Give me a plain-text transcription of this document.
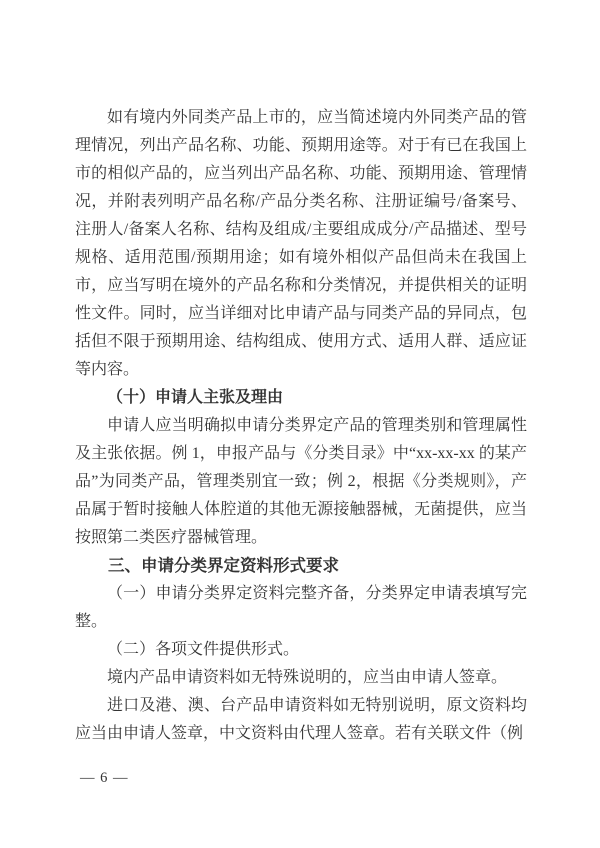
如有境内外同类产品上市的，应当简述境内外同类产品的管理情况，列出产品名称、功能、预期用途等。对于有已在我国上市的相似产品的，应当列出产品名称、功能、预期用途、管理情况，并附表列明产品名称/产品分类名称、注册证编号/备案号、注册人/备案人名称、结构及组成/主要组成成分/产品描述、型号规格、适用范围/预期用途；如有境外相似产品但尚未在我国上市，应当写明在境外的产品名称和分类情况，并提供相关的证明性文件。同时，应当详细对比申请产品与同类产品的异同点，包括但不限于预期用途、结构组成、使用方式、适用人群、适应证等内容。

（十）申请人主张及理由

申请人应当明确拟申请分类界定产品的管理类别和管理属性及主张依据。例 1，申报产品与《分类目录》中“xx-xx-xx 的某产品”为同类产品，管理类别宜一致；例 2，根据《分类规则》，产品属于暂时接触人体腔道的其他无源接触器械，无菌提供，应当按照第二类医疗器械管理。

三、申请分类界定资料形式要求

（一）申请分类界定资料完整齐备，分类界定申请表填写完整。

（二）各项文件提供形式。

境内产品申请资料如无特殊说明的，应当由申请人签章。

进口及港、澳、台产品申请资料如无特别说明，原文资料均应当由申请人签章，中文资料由代理人签章。若有关联文件（例

— 6 —
